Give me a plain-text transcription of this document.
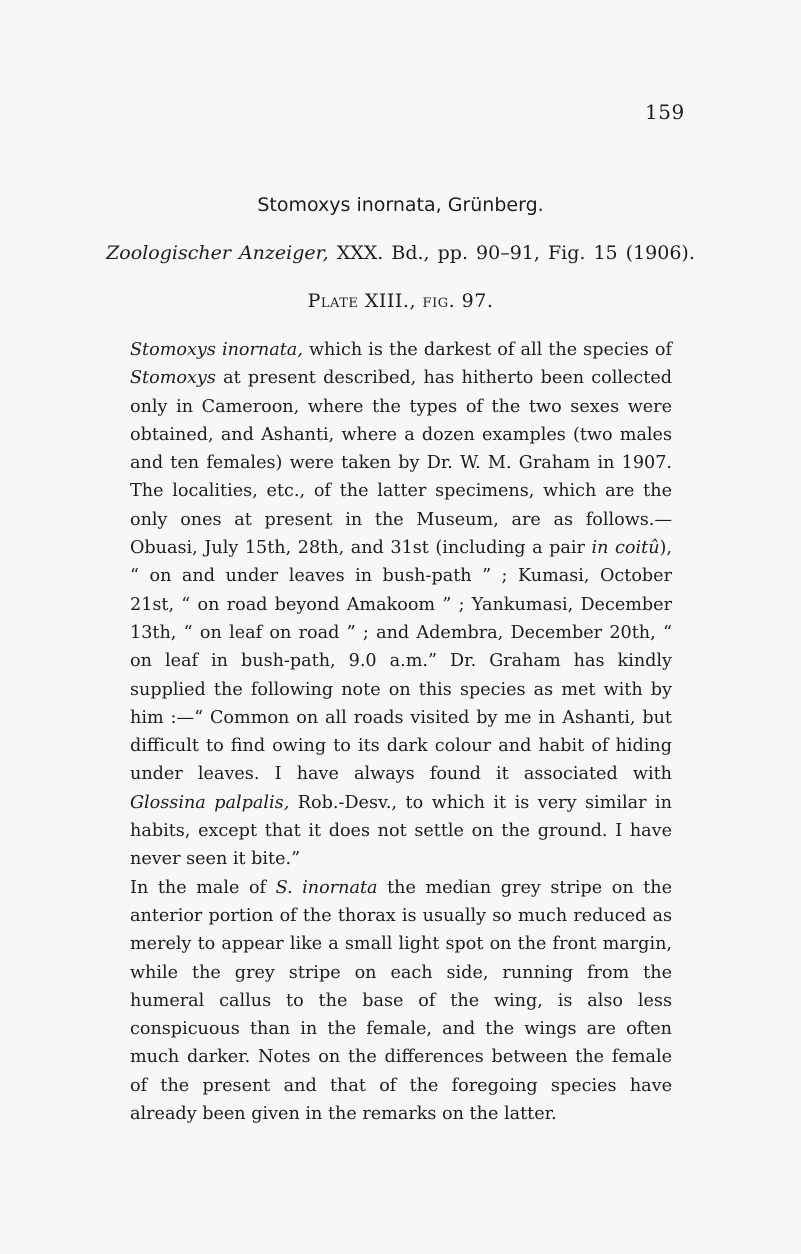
159
Stomoxys inornata, Grünberg.
Zoologischer Anzeiger, XXX. Bd., pp. 90–91, Fig. 15 (1906).
Plate XIII., fig. 97.

Stomoxys inornata, which is the darkest of all the species of Stomoxys at present described, has hitherto been collected only in Cameroon, where the types of the two sexes were obtained, and Ashanti, where a dozen examples (two males and ten females) were taken by Dr. W. M. Graham in 1907. The localities, etc., of the latter specimens, which are the only ones at present in the Museum, are as follows.—Obuasi, July 15th, 28th, and 31st (including a pair in coitû), “ on and under leaves in bush-path ” ; Kumasi, October 21st, “ on road beyond Amakoom ” ; Yankumasi, December 13th, “ on leaf on road ” ; and Adembra, December 20th, “ on leaf in bush-path, 9.0 a.m.” Dr. Graham has kindly supplied the following note on this species as met with by him :—“ Common on all roads visited by me in Ashanti, but difficult to find owing to its dark colour and habit of hiding under leaves. I have always found it associated with Glossina palpalis, Rob.-Desv., to which it is very similar in habits, except that it does not settle on the ground. I have never seen it bite.”

In the male of S. inornata the median grey stripe on the anterior portion of the thorax is usually so much reduced as merely to appear like a small light spot on the front margin, while the grey stripe on each side, running from the humeral callus to the base of the wing, is also less conspicuous than in the female, and the wings are often much darker. Notes on the differences between the female of the present and that of the foregoing species have already been given in the remarks on the latter.
